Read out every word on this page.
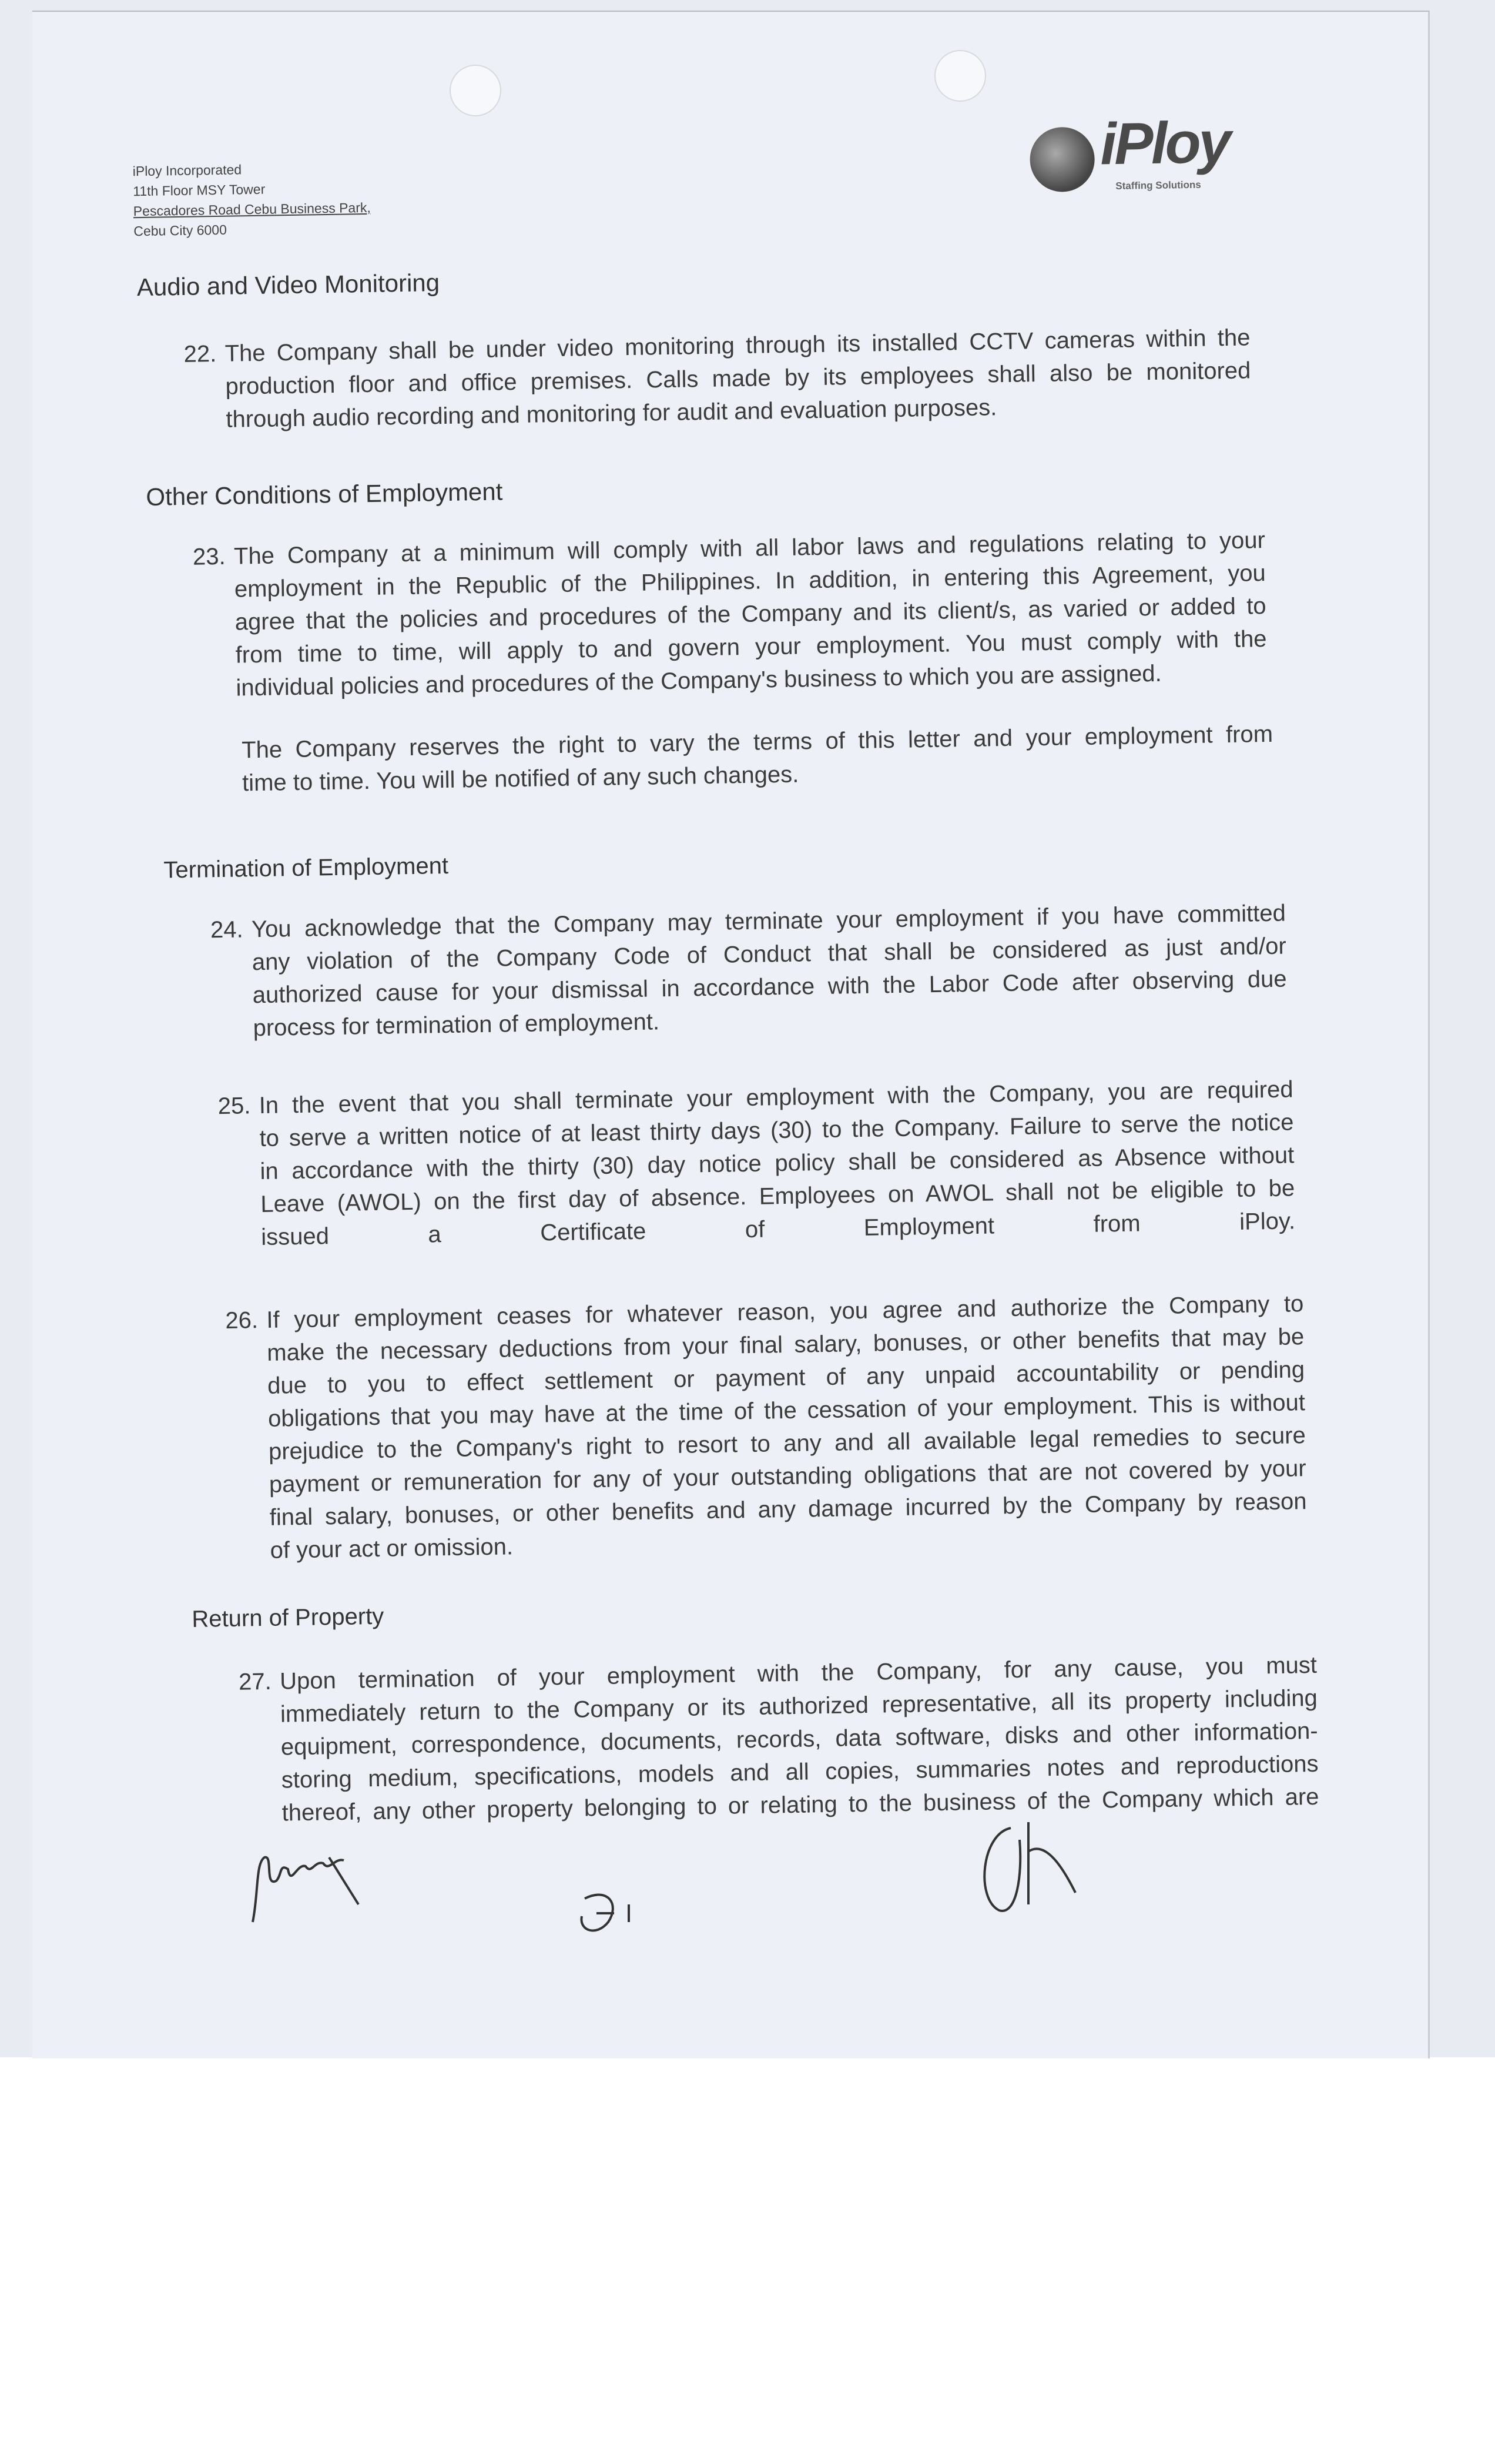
iPloy Incorporated
11th Floor MSY Tower
Pescadores Road Cebu Business Park,
Cebu City 6000
iPloy
Staffing Solutions
Audio and Video Monitoring
22. The Company shall be under video monitoring through its installed CCTV cameras within the
production floor and office premises. Calls made by its employees shall also be monitored
through audio recording and monitoring for audit and evaluation purposes.
Other Conditions of Employment
23. The Company at a minimum will comply with all labor laws and regulations relating to your
employment in the Republic of the Philippines. In addition, in entering this Agreement, you
agree that the policies and procedures of the Company and its client/s, as varied or added to
from time to time, will apply to and govern your employment. You must comply with the
individual policies and procedures of the Company's business to which you are assigned.
The Company reserves the right to vary the terms of this letter and your employment from
time to time. You will be notified of any such changes.
Termination of Employment
24. You acknowledge that the Company may terminate your employment if you have committed
any violation of the Company Code of Conduct that shall be considered as just and/or
authorized cause for your dismissal in accordance with the Labor Code after observing due
process for termination of employment.
25. In the event that you shall terminate your employment with the Company, you are required
to serve a written notice of at least thirty days (30) to the Company. Failure to serve the notice
in accordance with the thirty (30) day notice policy shall be considered as Absence without
Leave (AWOL) on the first day of absence. Employees on AWOL shall not be eligible to be
issued a Certificate of Employment from iPloy.
26. If your employment ceases for whatever reason, you agree and authorize the Company to
make the necessary deductions from your final salary, bonuses, or other benefits that may be
due to you to effect settlement or payment of any unpaid accountability or pending
obligations that you may have at the time of the cessation of your employment. This is without
prejudice to the Company's right to resort to any and all available legal remedies to secure
payment or remuneration for any of your outstanding obligations that are not covered by your
final salary, bonuses, or other benefits and any damage incurred by the Company by reason
of your act or omission.
Return of Property
27. Upon termination of your employment with the Company, for any cause, you must
immediately return to the Company or its authorized representative, all its property including
equipment, correspondence, documents, records, data software, disks and other information-
storing medium, specifications, models and all copies, summaries notes and reproductions
thereof, any other property belonging to or relating to the business of the Company which are
